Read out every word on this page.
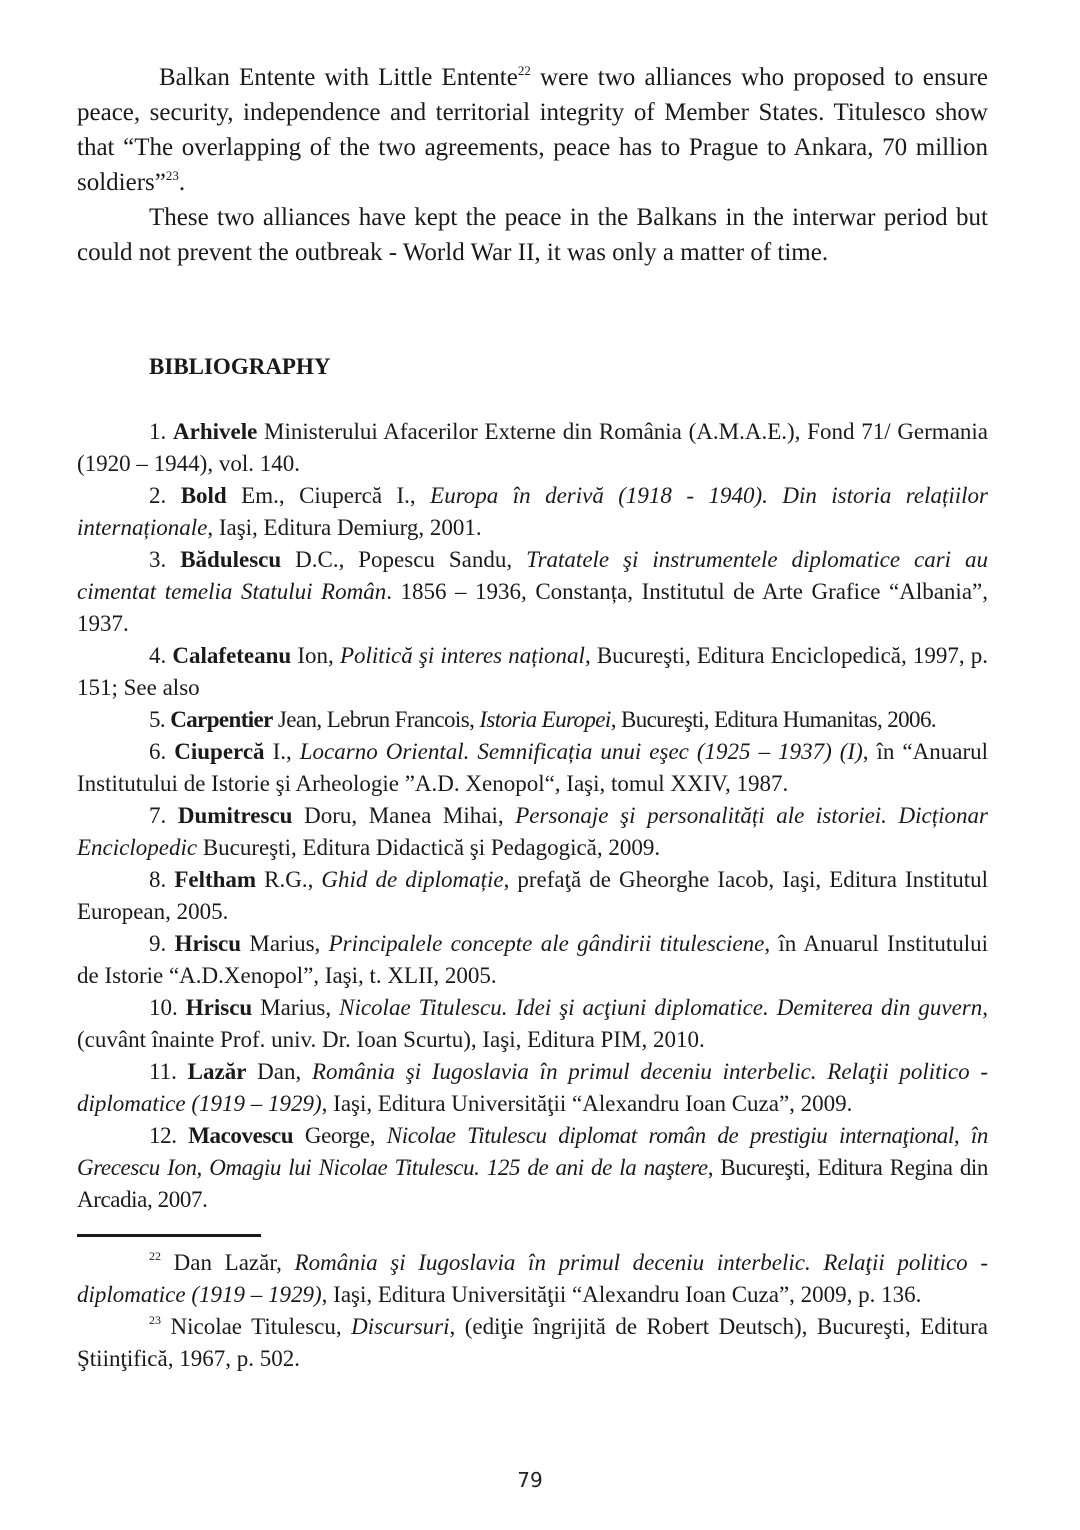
Balkan Entente with Little Entente$^{22}$ were two alliances who proposed to ensure peace, security, independence and territorial integrity of Member States. Titulesco show that “The overlapping of the two agreements, peace has to Prague to Ankara, 70 million soldiers”$^{23}$.

These two alliances have kept the peace in the Balkans in the interwar period but could not prevent the outbreak - World War II, it was only a matter of time.

BIBLIOGRAPHY

1. Arhivele Ministerului Afacerilor Externe din România (A.M.A.E.), Fond 71/ Germania (1920 – 1944), vol. 140.

2. Bold Em., Ciupercă I., Europa în derivă (1918 - 1940). Din istoria relațiilor internaționale, Iaşi, Editura Demiurg, 2001.

3. Bădulescu D.C., Popescu Sandu, Tratatele şi instrumentele diplomatice cari au cimentat temelia Statului Român. 1856 – 1936, Constanța, Institutul de Arte Grafice “Albania”, 1937.

4. Calafeteanu Ion, Politică şi interes național, Bucureşti, Editura Enciclopedică, 1997, p. 151; See also

5. Carpentier Jean, Lebrun Francois, Istoria Europei, Bucureşti, Editura Humanitas, 2006.

6. Ciupercă I., Locarno Oriental. Semnificația unui eşec (1925 – 1937) (I), în “Anuarul Institutului de Istorie şi Arheologie ”A.D. Xenopol“, Iaşi, tomul XXIV, 1987.

7. Dumitrescu Doru, Manea Mihai, Personaje şi personalități ale istoriei. Dicționar Enciclopedic Bucureşti, Editura Didactică şi Pedagogică, 2009.

8. Feltham R.G., Ghid de diplomație, prefaţă de Gheorghe Iacob, Iaşi, Editura Institutul European, 2005.

9. Hriscu Marius, Principalele concepte ale gândirii titulesciene, în Anuarul Institutului de Istorie “A.D.Xenopol”, Iaşi, t. XLII, 2005.

10. Hriscu Marius, Nicolae Titulescu. Idei şi acţiuni diplomatice. Demiterea din guvern, (cuvânt înainte Prof. univ. Dr. Ioan Scurtu), Iaşi, Editura PIM, 2010.

11. Lazăr Dan, România şi Iugoslavia în primul deceniu interbelic. Relaţii politico - diplomatice (1919 – 1929), Iaşi, Editura Universităţii “Alexandru Ioan Cuza”, 2009.

12. Macovescu George, Nicolae Titulescu diplomat român de prestigiu internaţional, în Grecescu Ion, Omagiu lui Nicolae Titulescu. 125 de ani de la naştere, Bucureşti, Editura Regina din Arcadia, 2007.

$^{22}$ Dan Lazăr, România şi Iugoslavia în primul deceniu interbelic. Relaţii politico - diplomatice (1919 – 1929), Iaşi, Editura Universităţii “Alexandru Ioan Cuza”, 2009, p. 136.

$^{23}$ Nicolae Titulescu, Discursuri, (ediţie îngrijită de Robert Deutsch), Bucureşti, Editura Ştiinţifică, 1967, p. 502.

79
